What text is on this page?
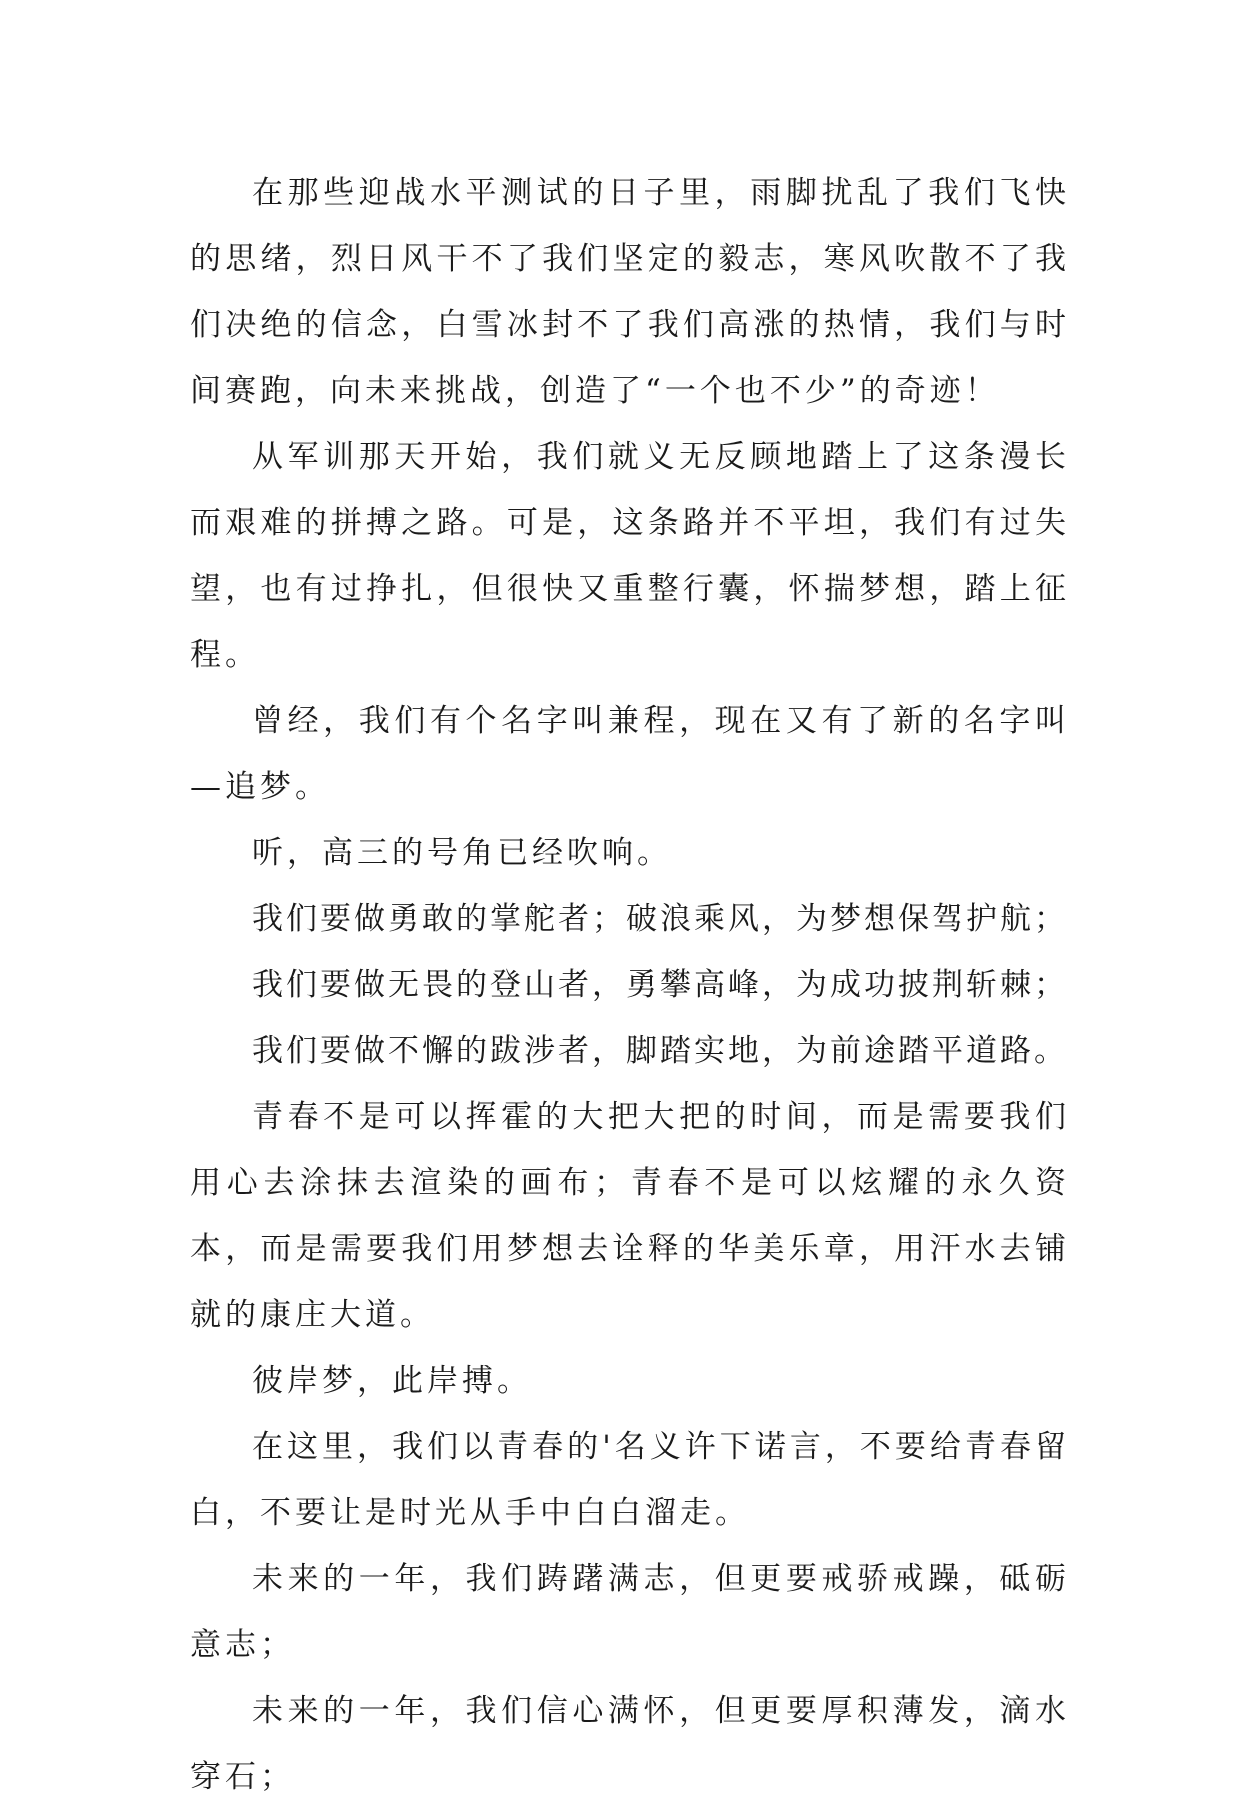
在那些迎战水平测试的日子里，雨脚扰乱了我们飞快的思绪，烈日风干不了我们坚定的毅志，寒风吹散不了我们决绝的信念，白雪冰封不了我们高涨的热情，我们与时间赛跑，向未来挑战，创造了“一个也不少”的奇迹！

从军训那天开始，我们就义无反顾地踏上了这条漫长而艰难的拼搏之路。可是，这条路并不平坦，我们有过失望，也有过挣扎，但很快又重整行囊，怀揣梦想，踏上征程。

曾经，我们有个名字叫兼程，现在又有了新的名字叫—追梦。

听，高三的号角已经吹响。

我们要做勇敢的掌舵者；破浪乘风，为梦想保驾护航；

我们要做无畏的登山者，勇攀高峰，为成功披荆斩棘；

我们要做不懈的跋涉者，脚踏实地，为前途踏平道路。

青春不是可以挥霍的大把大把的时间，而是需要我们用心去涂抹去渲染的画布；青春不是可以炫耀的永久资本，而是需要我们用梦想去诠释的华美乐章，用汗水去铺就的康庄大道。

彼岸梦，此岸搏。

在这里，我们以青春的'名义许下诺言，不要给青春留白，不要让是时光从手中白白溜走。

未来的一年，我们踌躇满志，但更要戒骄戒躁，砥砺意志；

未来的一年，我们信心满怀，但更要厚积薄发，滴水穿石；
